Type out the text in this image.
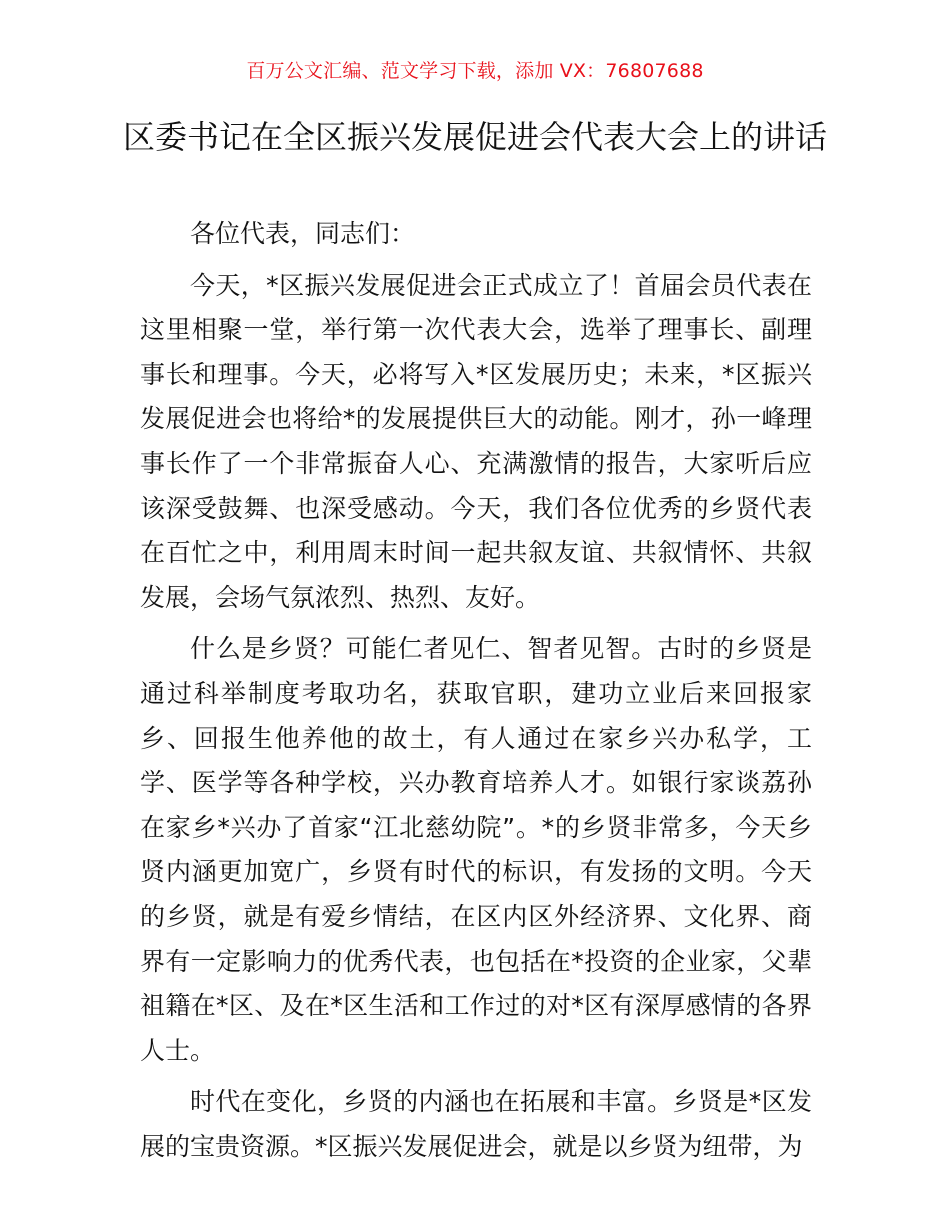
百万公文汇编、范文学习下载，添加 VX：76807688
区委书记在全区振兴发展促进会代表大会上的讲话

各位代表，同志们：

今天，*区振兴发展促进会正式成立了！首届会员代表在这里相聚一堂，举行第一次代表大会，选举了理事长、副理事长和理事。今天，必将写入*区发展历史；未来，*区振兴发展促进会也将给*的发展提供巨大的动能。刚才，孙一峰理事长作了一个非常振奋人心、充满激情的报告，大家听后应该深受鼓舞、也深受感动。今天，我们各位优秀的乡贤代表在百忙之中，利用周末时间一起共叙友谊、共叙情怀、共叙发展，会场气氛浓烈、热烈、友好。

什么是乡贤？可能仁者见仁、智者见智。古时的乡贤是通过科举制度考取功名，获取官职，建功立业后来回报家乡、回报生他养他的故土，有人通过在家乡兴办私学，工学、医学等各种学校，兴办教育培养人才。如银行家谈荔孙在家乡*兴办了首家“江北慈幼院”。*的乡贤非常多，今天乡贤内涵更加宽广，乡贤有时代的标识，有发扬的文明。今天的乡贤，就是有爱乡情结，在区内区外经济界、文化界、商界有一定影响力的优秀代表，也包括在*投资的企业家，父辈祖籍在*区、及在*区生活和工作过的对*区有深厚感情的各界人士。

时代在变化，乡贤的内涵也在拓展和丰富。乡贤是*区发展的宝贵资源。*区振兴发展促进会，就是以乡贤为纽带，为
